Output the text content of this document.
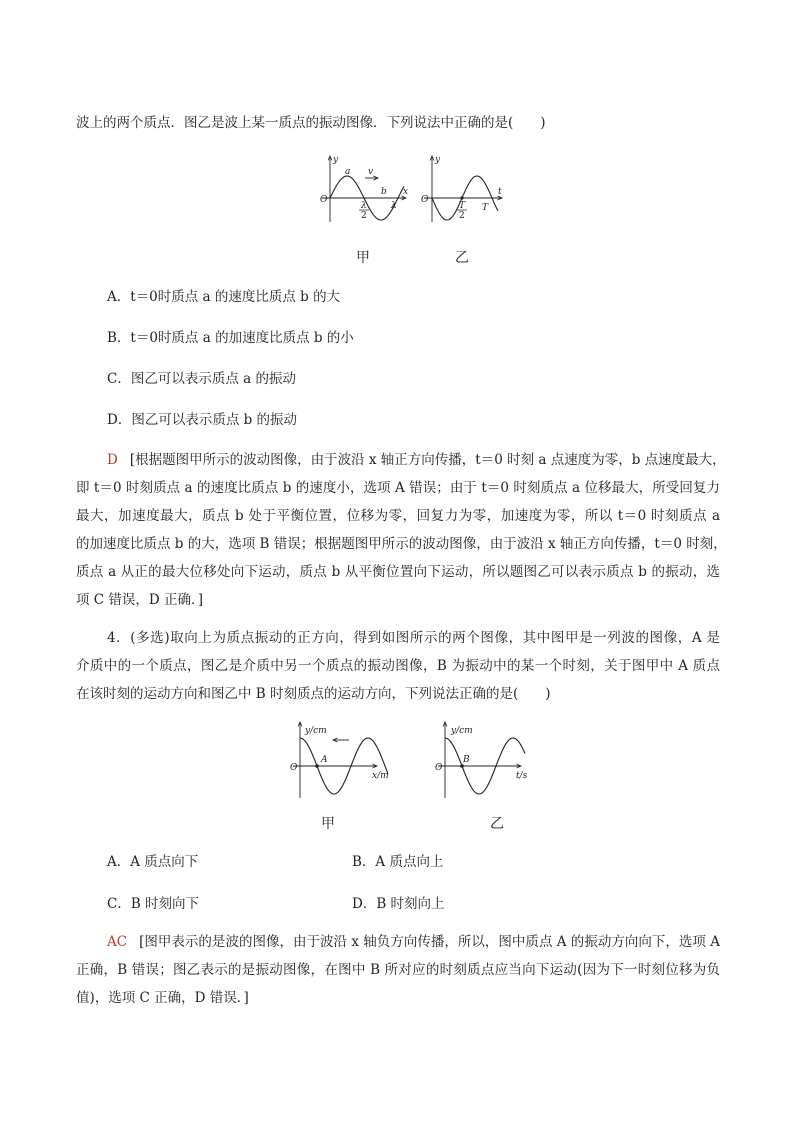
波上的两个质点．图乙是波上某一质点的振动图像．下列说法中正确的是(　　)
y
x
O
a
b
v
λ
2
λ
y
t
O
T
2
T
甲	乙
A．t＝0时质点 a 的速度比质点 b 的大
B．t＝0时质点 a 的加速度比质点 b 的小
C．图乙可以表示质点 a 的振动
D．图乙可以表示质点 b 的振动
D [根据题图甲所示的波动图像，由于波沿 x 轴正方向传播，t＝0 时刻 a 点速度为零，b 点速度最大，
即 t＝0 时刻质点 a 的速度比质点 b 的速度小，选项 A 错误；由于 t＝0 时刻质点 a 位移最大，所受回复力
最大，加速度最大，质点 b 处于平衡位置，位移为零，回复力为零，加速度为零，所以 t＝0 时刻质点 a
的加速度比质点 b 的大，选项 B 错误；根据题图甲所示的波动图像，由于波沿 x 轴正方向传播，t＝0 时刻，
质点 a 从正的最大位移处向下运动，质点 b 从平衡位置向下运动，所以题图乙可以表示质点 b 的振动，选
项 C 错误，D 正确．]
4．(多选)取向上为质点振动的正方向，得到如图所示的两个图像，其中图甲是一列波的图像，A 是
介质中的一个质点，图乙是介质中另一个质点的振动图像，B 为振动中的某一个时刻，关于图甲中 A 质点
在该时刻的运动方向和图乙中 B 时刻质点的运动方向，下列说法正确的是(　　)
y/cm
x/m
O
A
y/cm
t/s
O
B
甲	乙
A．A 质点向下	B．A 质点向上
C．B 时刻向下	D．B 时刻向上
AC [图甲表示的是波的图像，由于波沿 x 轴负方向传播，所以，图中质点 A 的振动方向向下，选项 A
正确，B 错误；图乙表示的是振动图像，在图中 B 所对应的时刻质点应当向下运动(因为下一时刻位移为负
值)，选项 C 正确，D 错误．]
